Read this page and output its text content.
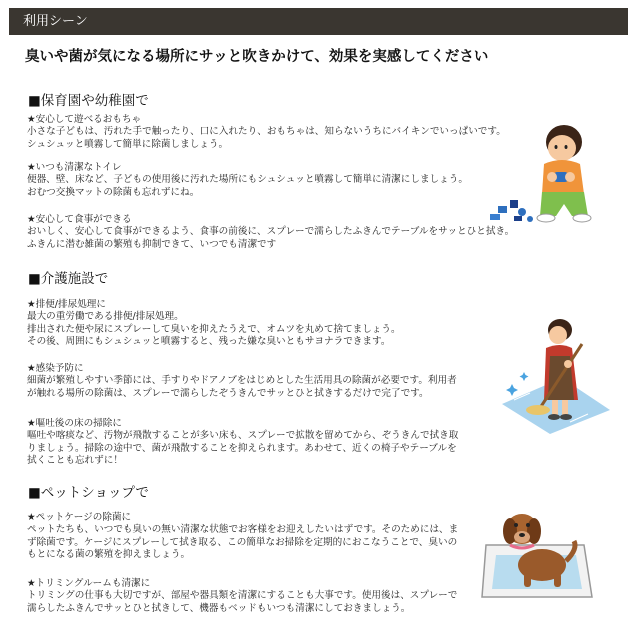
利用シーン
臭いや菌が気になる場所にサッと吹きかけて、効果を実感してください
■保育園や幼稚園で
★安心して遊べるおもちゃ
小さな子どもは、汚れた手で触ったり、口に入れたり、おもちゃは、知らないうちにバイキンでいっぱいです。
シュシュッと噴霧して簡単に除菌しましょう。
★いつも清潔なトイレ
便器、壁、床など、子どもの使用後に汚れた場所にもシュシュッと噴霧して簡単に清潔にしましょう。
おむつ交換マットの除菌も忘れずにね。
★安心して食事ができる
おいしく、安心して食事ができるよう、食事の前後に、スプレーで濡らしたふきんでテーブルをサッとひと拭き。
ふきんに潜む雑菌の繁殖も抑制できて、いつでも清潔です
■介護施設で
★排便/排尿処理に
最大の重労働である排便/排尿処理。
排出された便や尿にスプレーして臭いを抑えたうえで、オムツを丸めて捨てましょう。
その後、周囲にもシュシュッと噴霧すると、残った嫌な臭いともサヨナラできます。
★感染予防に
細菌が繁殖しやすい季節には、手すりやドアノブをはじめとした生活用具の除菌が必要です。利用者
が触れる場所の除菌は、スプレーで濡らしたぞうきんでサッとひと拭きするだけで完了です。
★嘔吐後の床の掃除に
嘔吐や喀痰など、汚物が飛散することが多い床も、スプレーで拡散を留めてから、ぞうきんで拭き取
りましょう。掃除の途中で、菌が飛散することを抑えられます。あわせて、近くの椅子やテーブルを
拭くことも忘れずに！
■ペットショップで
★ペットケージの除菌に
ペットたちも、いつでも臭いの無い清潔な状態でお客様をお迎えしたいはずです。そのためには、ま
ず除菌です。ケージにスプレーして拭き取る、この簡単なお掃除を定期的におこなうことで、臭いの
もとになる菌の繁殖を抑えましょう。
★トリミングルームも清潔に
トリミングの仕事も大切ですが、部屋や器具類を清潔にすることも大事です。使用後は、スプレーで
濡らしたふきんでサッとひと拭きして、機器もベッドもいつも清潔にしておきましょう。
